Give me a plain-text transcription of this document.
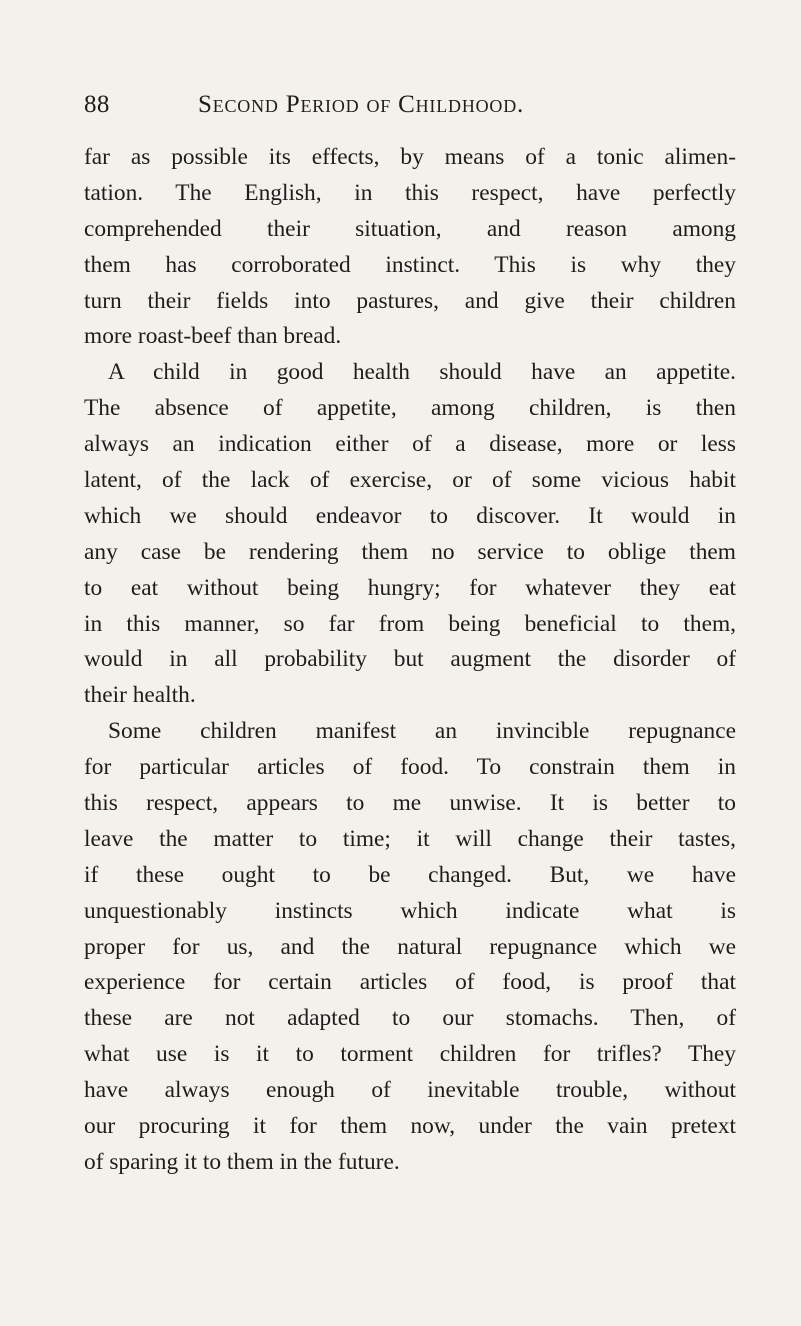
88	Second Period of Childhood.
far as possible its effects, by means of a tonic alimen-
tation. The English, in this respect, have perfectly
comprehended their situation, and reason among
them has corroborated instinct. This is why they
turn their fields into pastures, and give their children
more roast-beef than bread.
A child in good health should have an appetite.
The absence of appetite, among children, is then
always an indication either of a disease, more or less
latent, of the lack of exercise, or of some vicious habit
which we should endeavor to discover. It would in
any case be rendering them no service to oblige them
to eat without being hungry; for whatever they eat
in this manner, so far from being beneficial to them,
would in all probability but augment the disorder of
their health.
Some children manifest an invincible repugnance
for particular articles of food. To constrain them in
this respect, appears to me unwise. It is better to
leave the matter to time; it will change their tastes,
if these ought to be changed. But, we have
unquestionably instincts which indicate what is
proper for us, and the natural repugnance which we
experience for certain articles of food, is proof that
these are not adapted to our stomachs. Then, of
what use is it to torment children for trifles? They
have always enough of inevitable trouble, without
our procuring it for them now, under the vain pretext
of sparing it to them in the future.
